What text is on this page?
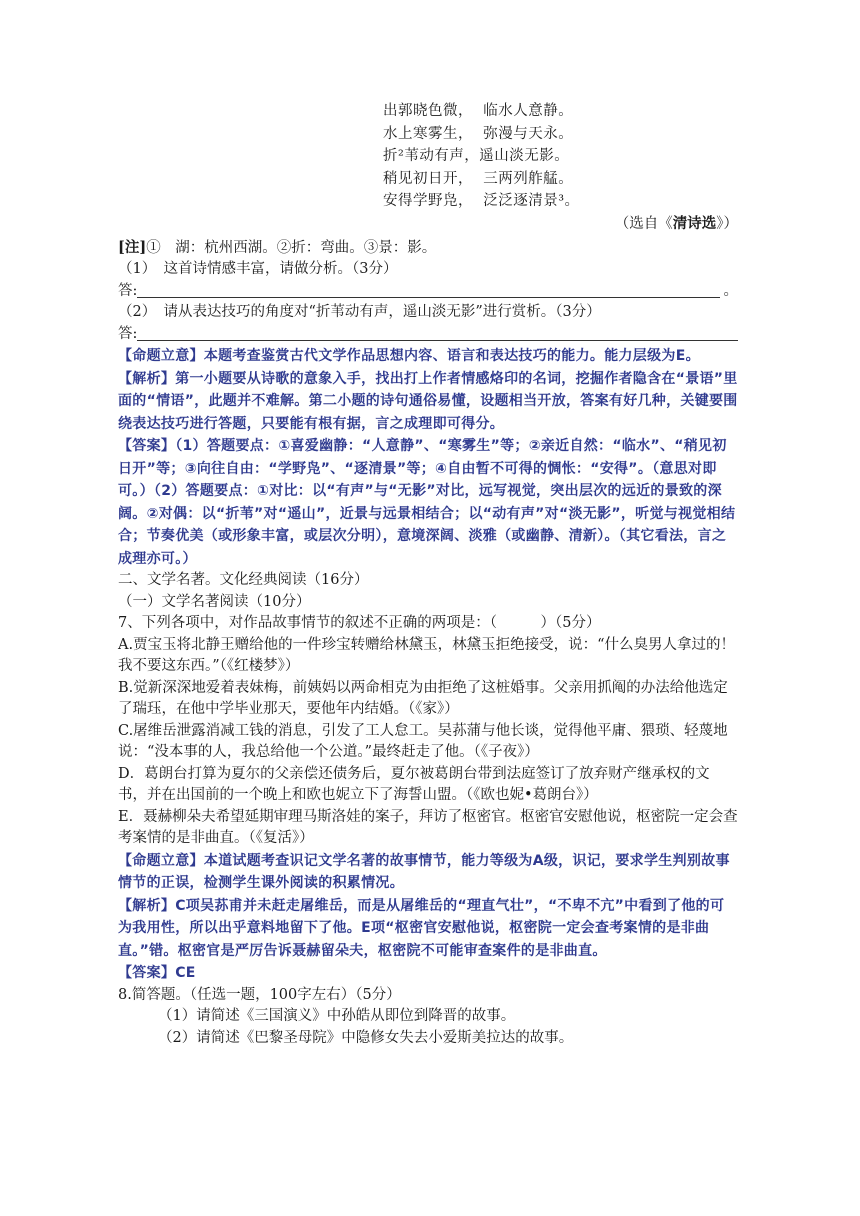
出郭晓色微，  临水人意静。
水上寒雾生，  弥漫与天永。
折²苇动有声，遥山淡无影。
稍见初日开，  三两列舴艋。
安得学野凫，  泛泛逐清景³。
（选自《清诗选》）
[注]①　湖：杭州西湖。②折：弯曲。③景：影。
（1）　这首诗情感丰富，请做分析。（3分）
答:	。
（2）　请从表达技巧的角度对“折苇动有声，遥山淡无影”进行赏析。（3分）
答:
【命题立意】本题考查鉴赏古代文学作品思想内容、语言和表达技巧的能力。能力层级为E。
【解析】第一小题要从诗歌的意象入手，找出打上作者情感烙印的名词，挖掘作者隐含在“景语”里面的“情语”，此题并不难解。第二小题的诗句通俗易懂，设题相当开放，答案有好几种，关键要围绕表达技巧进行答题，只要能有根有据，言之成理即可得分。
【答案】（1）答题要点：①喜爱幽静：“人意静”、“寒雾生”等；②亲近自然：“临水”、“稍见初日开”等；③向往自由：“学野凫”、“逐清景”等；④自由暂不可得的惆怅：“安得”。（意思对即可。）（2）答题要点：①对比：以“有声”与“无影”对比，远写视觉，突出层次的远近的景致的深阔。②对偶：以“折苇”对“遥山”，近景与远景相结合；以“动有声”对“淡无影”，听觉与视觉相结合；节奏优美（或形象丰富，或层次分明），意境深阔、淡雅（或幽静、清新）。（其它看法，言之成理亦可。）
二、文学名著。文化经典阅读（16分）
（一）文学名著阅读（10分）
7、下列各项中，对作品故事情节的叙述不正确的两项是：（　　　）（5分）
A.贾宝玉将北静王赠给他的一件珍宝转赠给林黛玉，林黛玉拒绝接受，说：“什么臭男人拿过的！我不要这东西。”（《红楼梦》）
B.觉新深深地爱着表妹梅，前姨妈以两命相克为由拒绝了这桩婚事。父亲用抓阄的办法给他选定了瑞珏，在他中学毕业那天，要他年内结婚。（《家》）
C.屠维岳泄露消减工钱的消息，引发了工人怠工。吴荪蒲与他长谈，觉得他平庸、猥琐、轻蔑地说：“没本事的人，我总给他一个公道。”最终赶走了他。（《子夜》）
D．葛朗台打算为夏尔的父亲偿还债务后，夏尔被葛朗台带到法庭签订了放弃财产继承权的文书，并在出国前的一个晚上和欧也妮立下了海誓山盟。（《欧也妮•葛朗台》）
E．聂赫柳朵夫希望延期审理马斯洛娃的案子，拜访了枢密官。枢密官安慰他说，枢密院一定会查考案情的是非曲直。（《复活》）
【命题立意】本道试题考查识记文学名著的故事情节，能力等级为A级，识记，要求学生判别故事情节的正误，检测学生课外阅读的积累情况。
【解析】C项吴荪甫并未赶走屠维岳，而是从屠维岳的“理直气壮”，“不卑不亢”中看到了他的可为我用性，所以出乎意料地留下了他。E项“枢密官安慰他说，枢密院一定会查考案情的是非曲直。”错。枢密官是严厉告诉聂赫留朵夫，枢密院不可能审查案件的是非曲直。
【答案】CE
8.简答题。（任选一题，100字左右）（5分）
（1）请简述《三国演义》中孙皓从即位到降晋的故事。
（2）请简述《巴黎圣母院》中隐修女失去小爱斯美拉达的故事。
